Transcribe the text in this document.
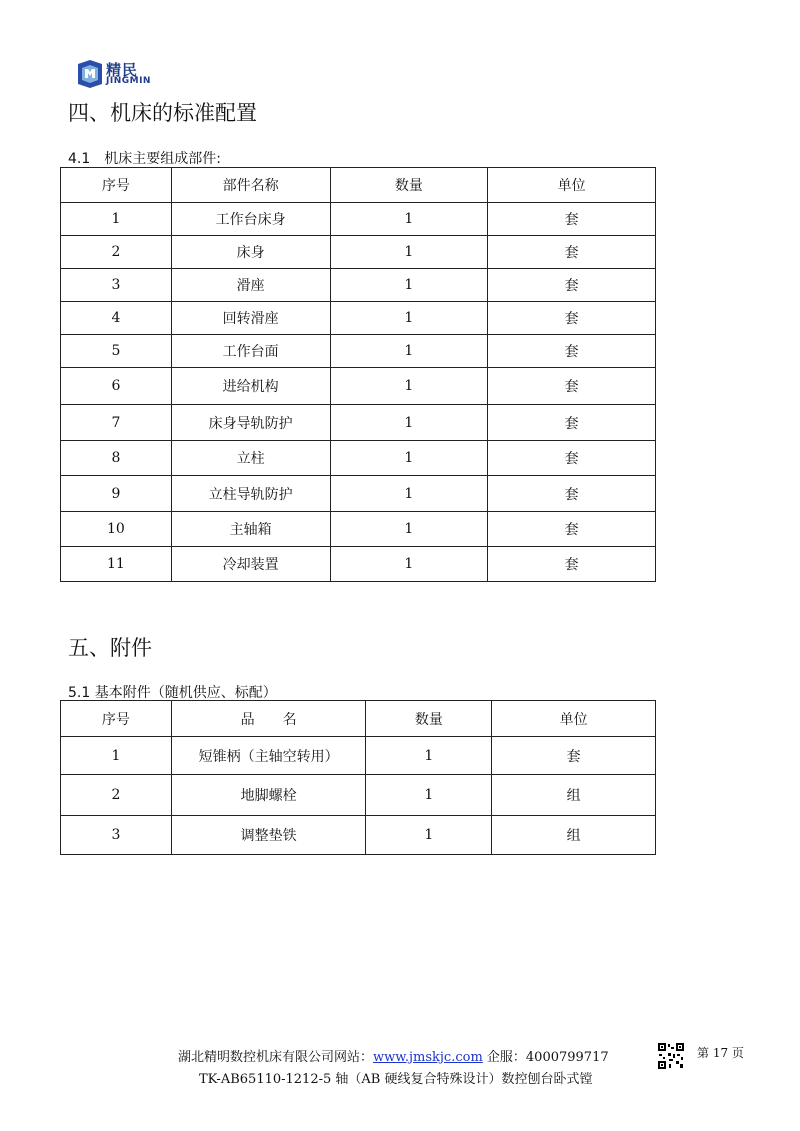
精民
JINGMIN
四、机床的标准配置
4.1　机床主要组成部件:
序号	部件名称	数量	单位
1	工作台床身	1	套
2	床身	1	套
3	滑座	1	套
4	回转滑座	1	套
5	工作台面	1	套
6	进给机构	1	套
7	床身导轨防护	1	套
8	立柱	1	套
9	立柱导轨防护	1	套
10	主轴箱	1	套
11	冷却装置	1	套
五、附件
5.1 基本附件（随机供应、标配）
序号	品　　名	数量	单位
1	短锥柄（主轴空转用）	1	套
2	地脚螺栓	1	组
3	调整垫铁	1	组
湖北精明数控机床有限公司网站：www.jmskjc.com 企服：4000799717
TK-AB65110-1212-5 轴（AB 硬线复合特殊设计）数控刨台卧式镗
第 17 页
